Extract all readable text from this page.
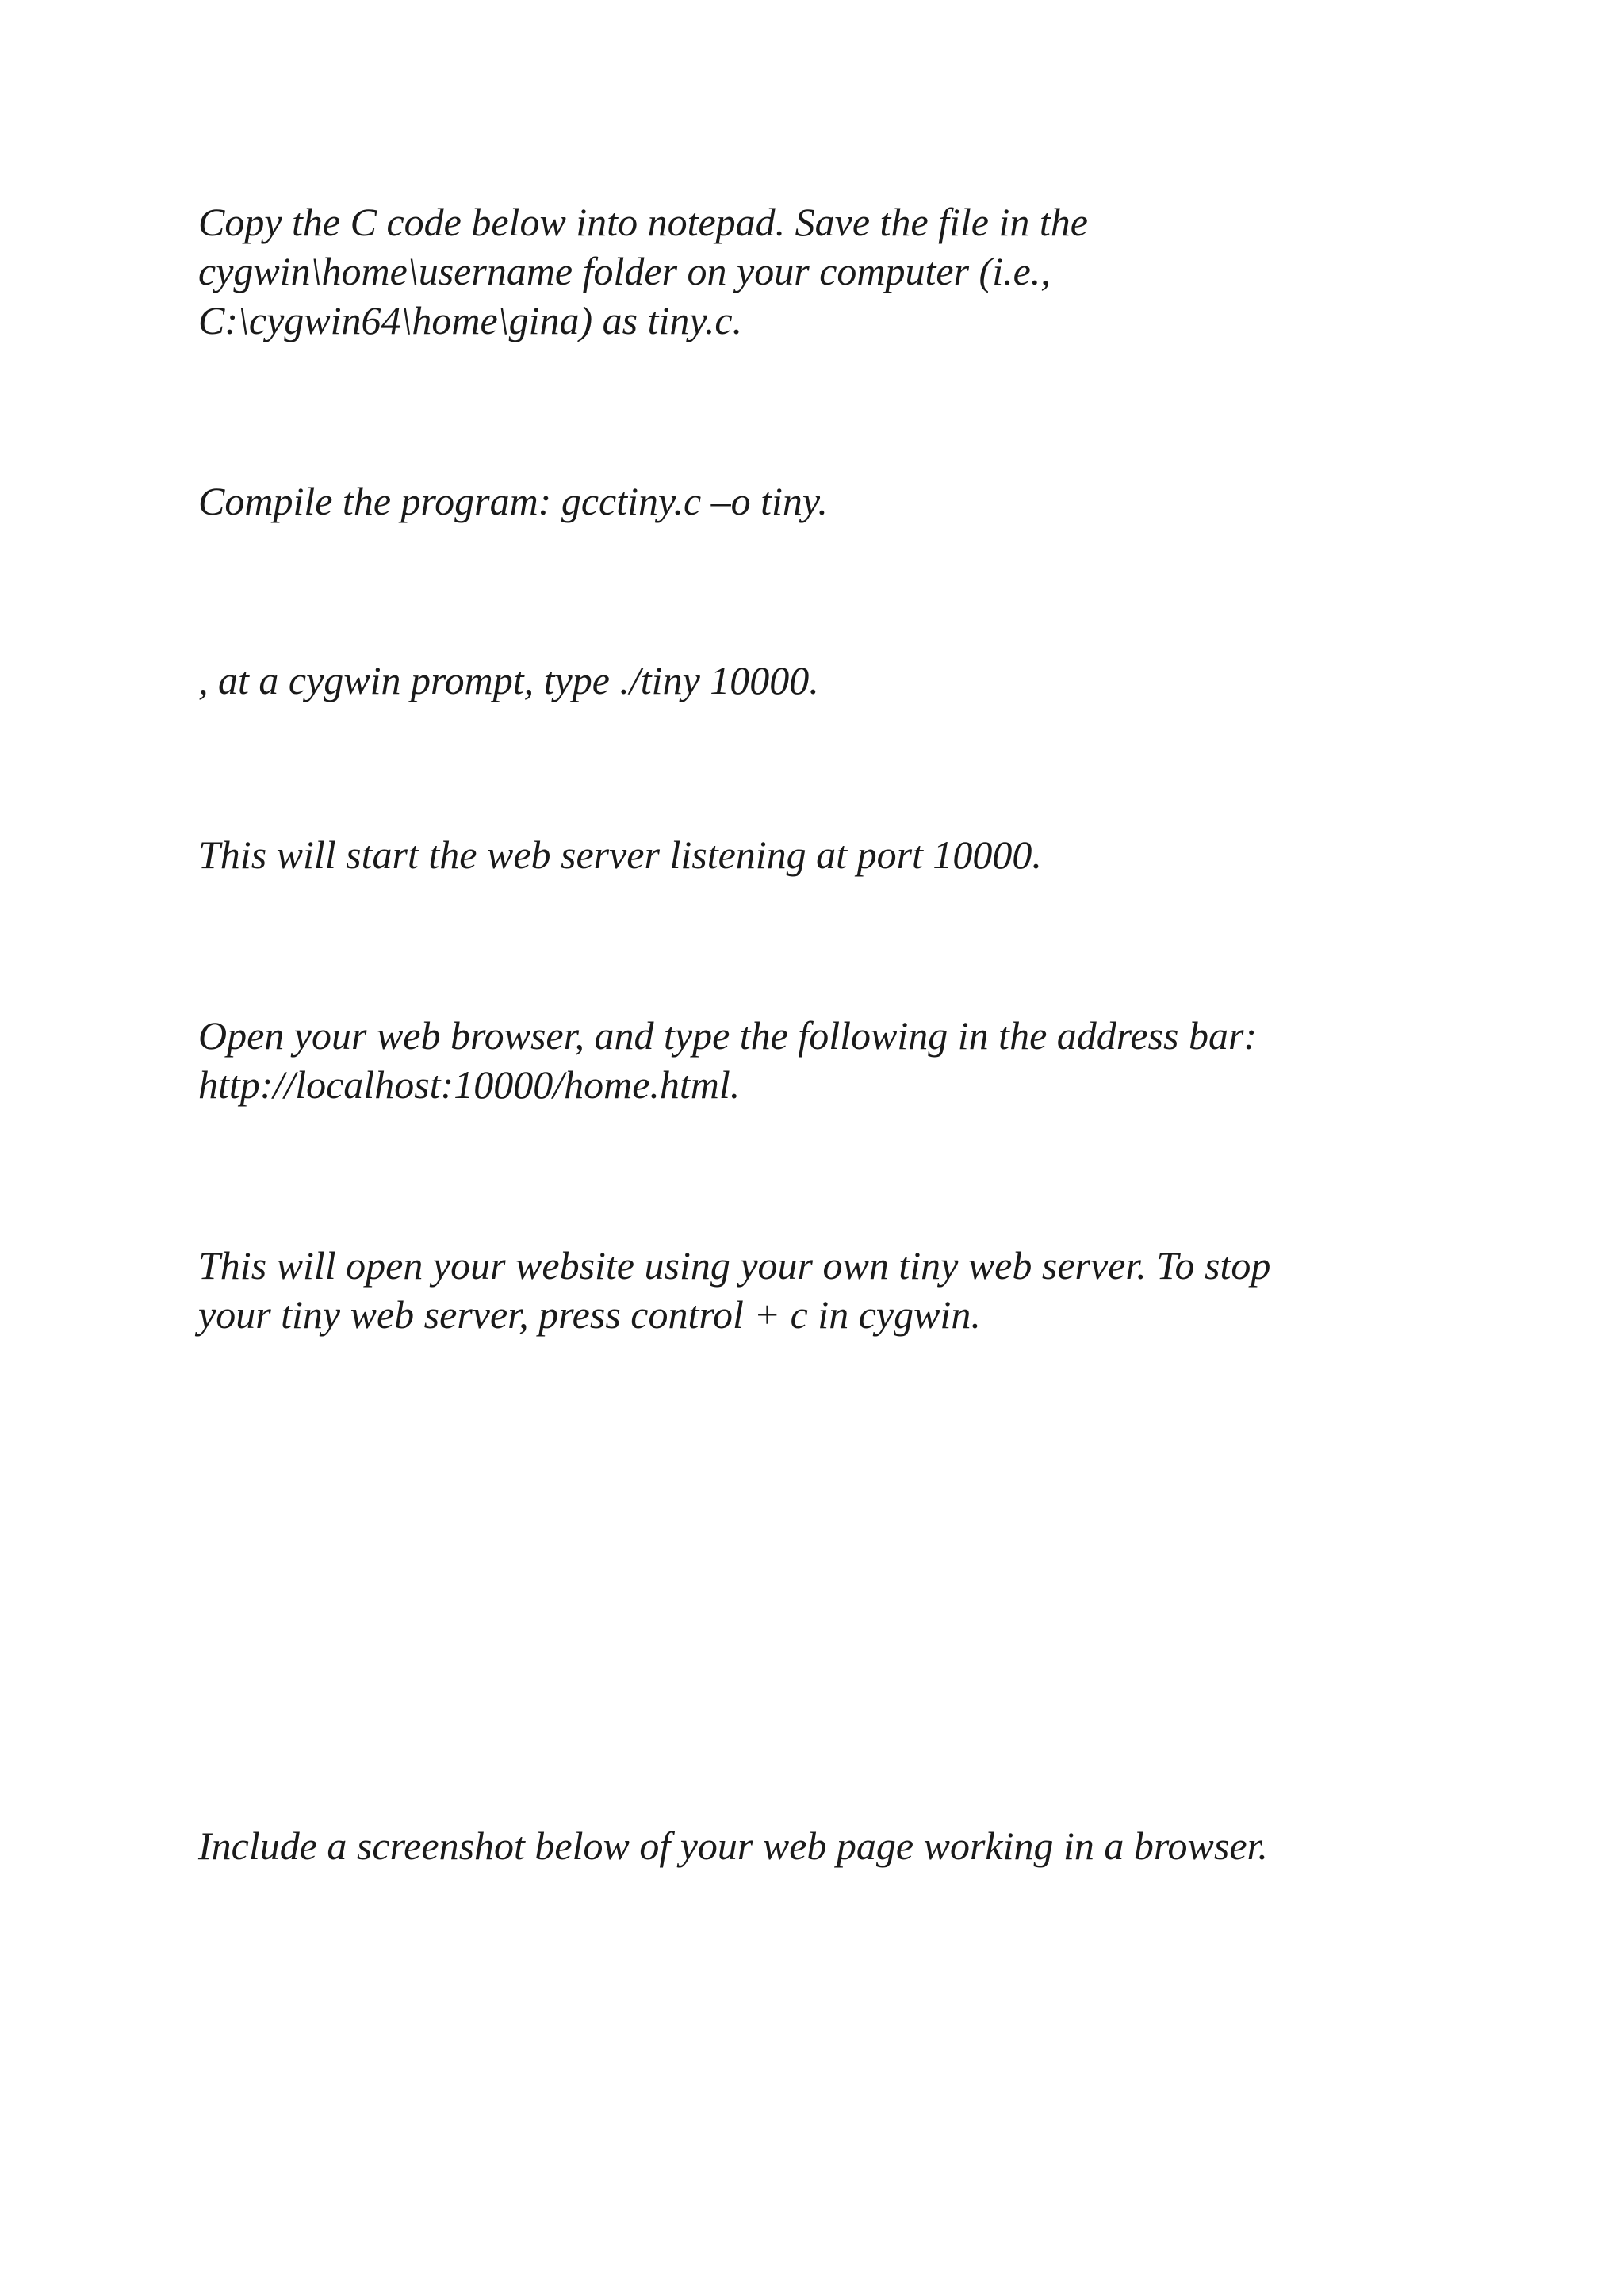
Copy the C code below into notepad. Save the file in the
cygwin\home\username folder on your computer (i.e.,
C:\cygwin64\home\gina) as tiny.c.

Compile the program: gcctiny.c –o tiny.

, at a cygwin prompt, type ./tiny 10000.

This will start the web server listening at port 10000.

Open your web browser, and type the following in the address bar:
http://localhost:10000/home.html.

This will open your website using your own tiny web server. To stop
your tiny web server, press control + c in cygwin.

Include a screenshot below of your web page working in a browser.
